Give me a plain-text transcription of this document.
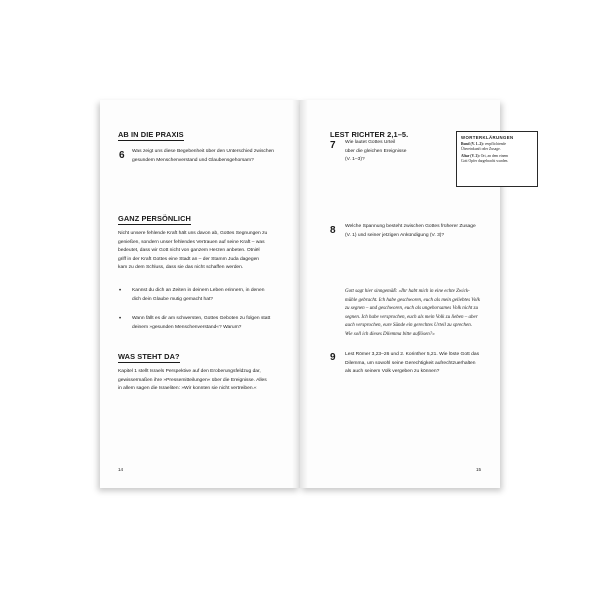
AB IN DIE PRAXIS
6 Was zeigt uns diese Begebenheit über den Unterschied zwischen
gesundem Menschenverstand und Glaubensgehorsam?
GANZ PERSÖNLICH
Nicht unsere fehlende Kraft hält uns davon ab, Gottes Segnungen zu
genießen, sondern unser fehlendes Vertrauen auf seine Kraft – was
bedeutet, dass wir Gott nicht von ganzem Herzen anbeten. Otniël
griff in der Kraft Gottes eine Stadt an – der Stamm Juda dagegen
kam zu dem Schluss, dass sie das nicht schaffen werden.
• Kannst du dich an Zeiten in deinem Leben erinnern, in denen
dich dein Glaube mutig gemacht hat?
• Wann fällt es dir am schwersten, Gottes Geboten zu folgen statt
deinem »gesunden Menschenverstand«? Warum?
WAS STEHT DA?
Kapitel 1 stellt Israels Perspektive auf den Eroberungsfeldzug dar,
gewissermaßen ihre »Pressemitteilungen« über die Ereignisse. Alles
in allem sagen die Israeliten: »Wir konnten sie nicht vertreiben.«
14
LEST RICHTER 2,1–5.
7 Wie lautet Gottes Urteil
über die gleichen Ereignisse
(V. 1–3)?
WORTERKLÄRUNGEN
Bund (V. 1–2): verpflichtende
Übereinkunft oder Zusage.
Altar (V. 2): Ort, an dem einem
Gott Opfer dargebracht wurden.
8 Welche Spannung besteht zwischen Gottes früherer Zusage
(V. 1) und seiner jetzigen Ankündigung (V. 3)?
Gott sagt hier sinngemäß: »Ihr habt mich in eine echte Zwick-
mühle gebracht. Ich habe geschworen, euch als mein geliebtes Volk
zu segnen – und geschworen, euch als ungehorsames Volk nicht zu
segnen. Ich habe versprochen, euch als mein Volk zu lieben – aber
auch versprochen, eure Sünde ein gerechtes Urteil zu sprechen.
Wie soll ich dieses Dilemma bitte auflösen?«
9 Lest Römer 3,23–26 und 2. Korinther 5,21. Wie löste Gott das
Dilemma, um sowohl seine Gerechtigkeit aufrechtzuerhalten
als auch seinem Volk vergeben zu können?
15
